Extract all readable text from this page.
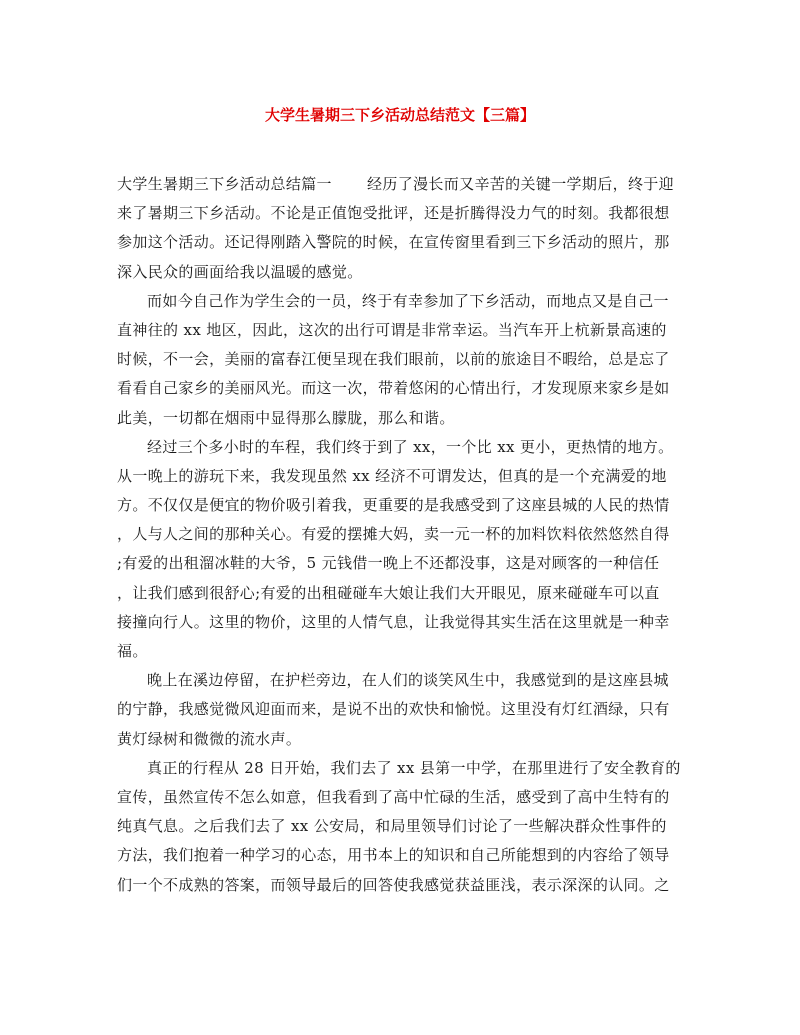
大学生暑期三下乡活动总结范文【三篇】
大学生暑期三下乡活动总结篇一 经历了漫长而又辛苦的关键一学期后，终于迎
来了暑期三下乡活动。不论是正值饱受批评，还是折腾得没力气的时刻。我都很想
参加这个活动。还记得刚踏入警院的时候，在宣传窗里看到三下乡活动的照片，那
深入民众的画面给我以温暖的感觉。
而如今自己作为学生会的一员，终于有幸参加了下乡活动，而地点又是自己一
直神往的 xx 地区，因此，这次的出行可谓是非常幸运。当汽车开上杭新景高速的
时候，不一会，美丽的富春江便呈现在我们眼前，以前的旅途目不暇给，总是忘了
看看自己家乡的美丽风光。而这一次，带着悠闲的心情出行，才发现原来家乡是如
此美，一切都在烟雨中显得那么朦胧，那么和谐。
经过三个多小时的车程，我们终于到了 xx，一个比 xx 更小，更热情的地方。
从一晚上的游玩下来，我发现虽然 xx 经济不可谓发达，但真的是一个充满爱的地
方。不仅仅是便宜的物价吸引着我，更重要的是我感受到了这座县城的人民的热情
，人与人之间的那种关心。有爱的摆摊大妈，卖一元一杯的加料饮料依然悠然自得
;有爱的出租溜冰鞋的大爷，5 元钱借一晚上不还都没事，这是对顾客的一种信任
，让我们感到很舒心;有爱的出租碰碰车大娘让我们大开眼见，原来碰碰车可以直
接撞向行人。这里的物价，这里的人情气息，让我觉得其实生活在这里就是一种幸
福。
晚上在溪边停留，在护栏旁边，在人们的谈笑风生中，我感觉到的是这座县城
的宁静，我感觉微风迎面而来，是说不出的欢快和愉悦。这里没有灯红酒绿，只有
黄灯绿树和微微的流水声。
真正的行程从 28 日开始，我们去了 xx 县第一中学，在那里进行了安全教育的
宣传，虽然宣传不怎么如意，但我看到了高中忙碌的生活，感受到了高中生特有的
纯真气息。之后我们去了 xx 公安局，和局里领导们讨论了一些解决群众性事件的
方法，我们抱着一种学习的心态，用书本上的知识和自己所能想到的内容给了领导
们一个不成熟的答案，而领导最后的回答使我感觉获益匪浅，表示深深的认同。之
